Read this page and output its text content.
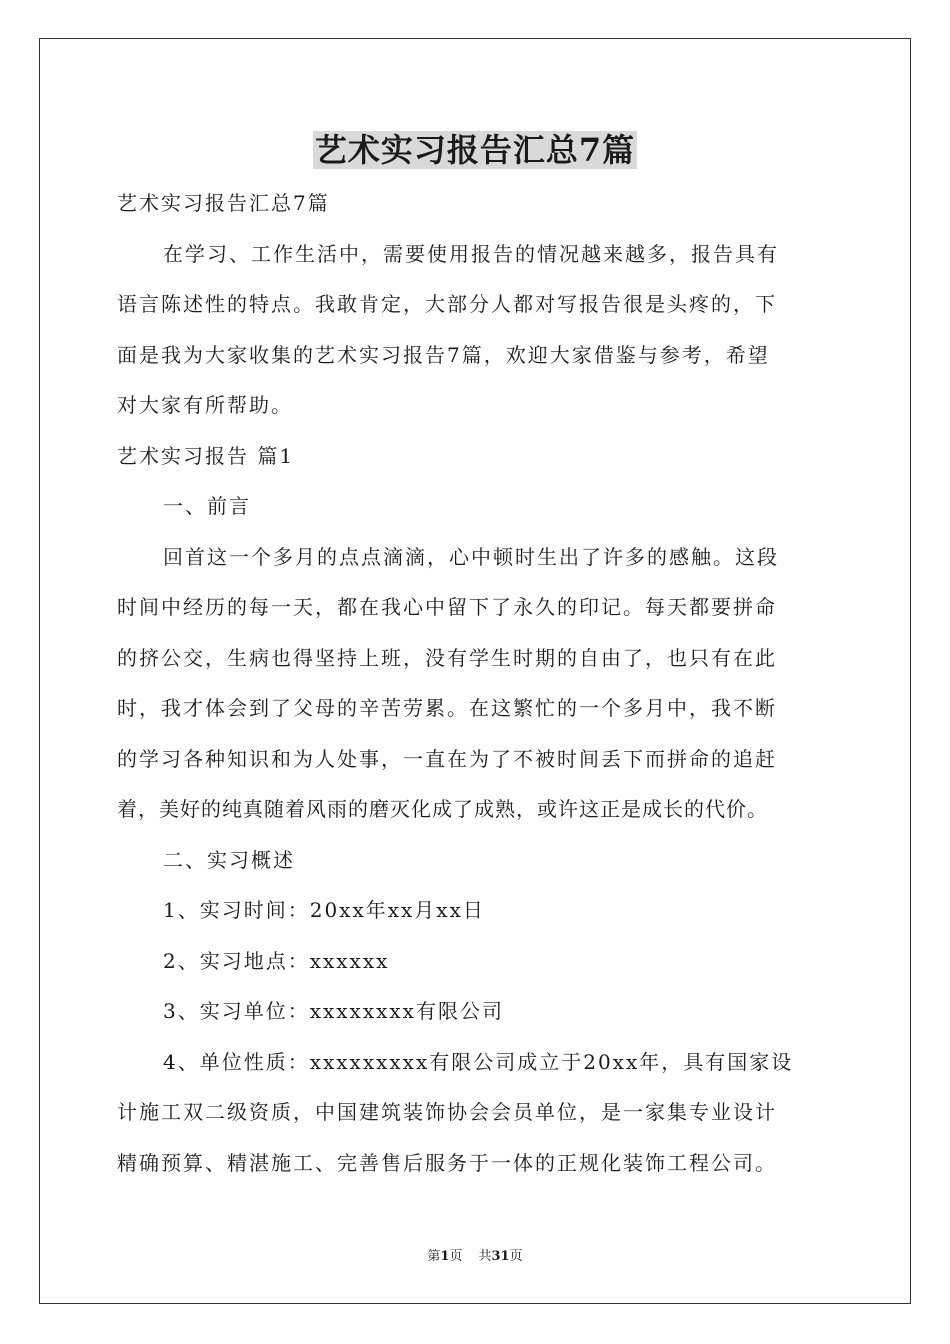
艺术实习报告汇总7篇

艺术实习报告汇总7篇

在学习、工作生活中，需要使用报告的情况越来越多，报告具有
语言陈述性的特点。我敢肯定，大部分人都对写报告很是头疼的，下
面是我为大家收集的艺术实习报告7篇，欢迎大家借鉴与参考，希望
对大家有所帮助。

艺术实习报告 篇1

一、前言

回首这一个多月的点点滴滴，心中顿时生出了许多的感触。这段
时间中经历的每一天，都在我心中留下了永久的印记。每天都要拼命
的挤公交，生病也得坚持上班，没有学生时期的自由了，也只有在此
时，我才体会到了父母的辛苦劳累。在这繁忙的一个多月中，我不断
的学习各种知识和为人处事，一直在为了不被时间丢下而拼命的追赶
着，美好的纯真随着风雨的磨灭化成了成熟，或许这正是成长的代价。

二、实习概述

1、实习时间：20xx年xx月xx日

2、实习地点：xxxxxx

3、实习单位：xxxxxxxx有限公司

4、单位性质：xxxxxxxxx有限公司成立于20xx年，具有国家设
计施工双二级资质，中国建筑装饰协会会员单位，是一家集专业设计
精确预算、精湛施工、完善售后服务于一体的正规化装饰工程公司。

第1页 共31页
